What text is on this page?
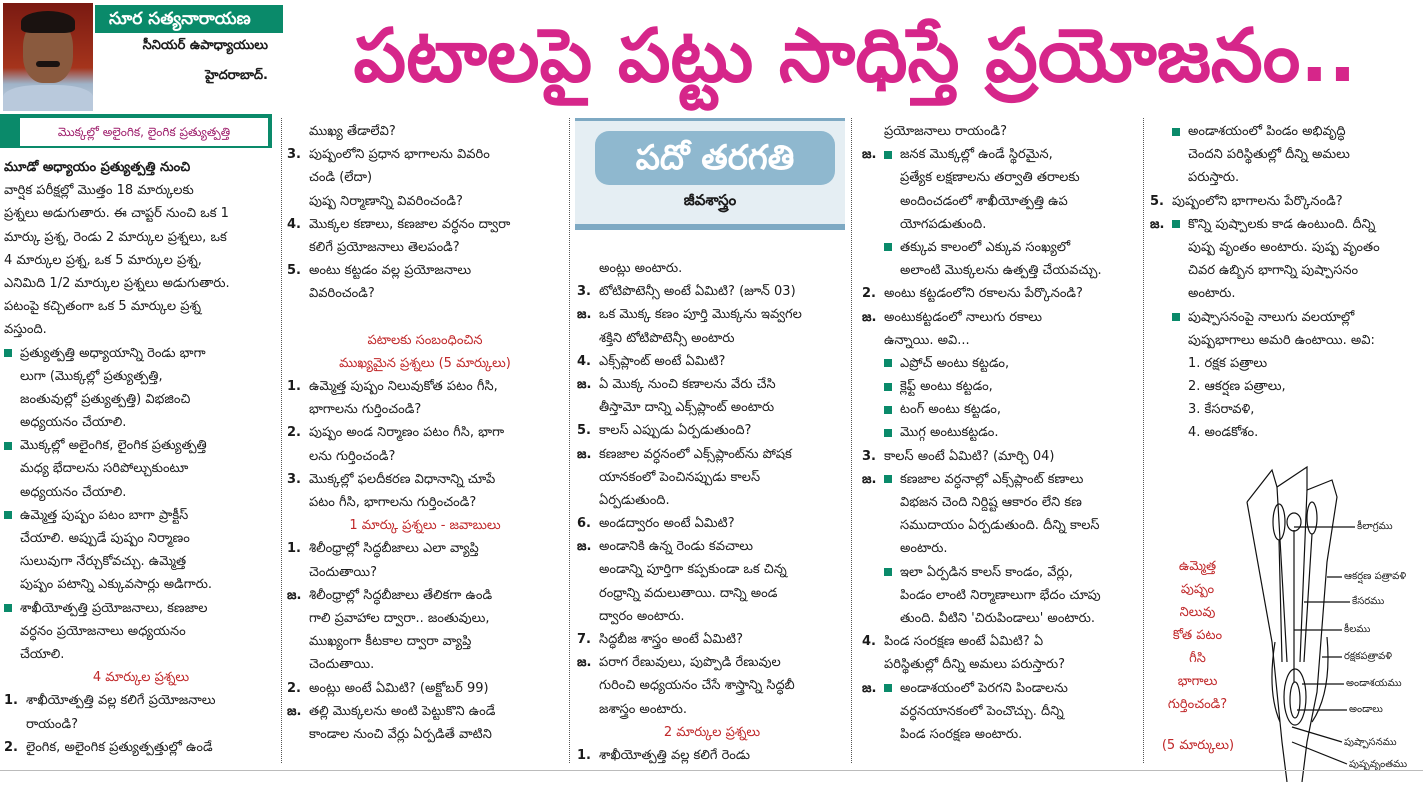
సూర సత్యనారాయణ
సీనియర్ ఉపాధ్యాయులు
హైదరాబాద్.	పటాలపై పట్టు సాధిస్తే ప్రయోజనం..
మొక్కల్లో అలైంగిక, లైంగిక ప్రత్యుత్పత్తి
పదో తరగతి
జీవశాస్త్రం
మూడో అధ్యాయం ప్రత్యుత్పత్తి నుంచి
వార్షిక పరీక్షల్లో మొత్తం 18 మార్కులకు
ప్రశ్నలు అడుగుతారు. ఈ చాప్టర్ నుంచి ఒక 1
మార్కు ప్రశ్న, రెండు 2 మార్కుల ప్రశ్నలు, ఒక
4 మార్కుల ప్రశ్న, ఒక 5 మార్కుల ప్రశ్న,
ఎనిమిది 1/2 మార్కుల ప్రశ్నలు అడుగుతారు.
పటంపై కచ్చితంగా ఒక 5 మార్కుల ప్రశ్న
వస్తుంది.
ప్రత్యుత్పత్తి అధ్యాయాన్ని రెండు భాగా
లుగా (మొక్కల్లో ప్రత్యుత్పత్తి,
జంతువుల్లో ప్రత్యుత్పత్తి) విభజించి
అధ్యయనం చేయాలి.
మొక్కల్లో అలైంగిక, లైంగిక ప్రత్యుత్పత్తి
మధ్య భేదాలను సరిపోల్చుకుంటూ
అధ్యయనం చేయాలి.
ఉమ్మెత్త పుష్పం పటం బాగా ప్రాక్టీస్
చేయాలి. అప్పుడే పుష్పం నిర్మాణం
సులువుగా నేర్చుకోవచ్చు. ఉమ్మెత్త
పుష్పం పటాన్ని ఎక్కువసార్లు అడిగారు.
శాఖీయోత్పత్తి ప్రయోజనాలు, కణజాల
వర్ధనం ప్రయోజనాలు అధ్యయనం
చేయాలి.
4 మార్కుల ప్రశ్నలు
1. శాఖీయోత్పత్తి వల్ల కలిగే ప్రయోజనాలు
రాయండి?
2. లైంగిక, అలైంగిక ప్రత్యుత్పత్తుల్లో ఉండే
ముఖ్య తేడాలేవి?
3. పుష్పంలోని ప్రధాన భాగాలను వివరిం
చండి (లేదా)
పుష్ప నిర్మాణాన్ని వివరించండి?
4. మొక్కల కణాలు, కణజాల వర్ధనం ద్వారా
కలిగే ప్రయోజనాలు తెలపండి?
5. అంటు కట్టడం వల్ల ప్రయోజనాలు
వివరించండి?
పటాలకు సంబంధించిన
ముఖ్యమైన ప్రశ్నలు (5 మార్కులు)
1. ఉమ్మెత్త పుష్పం నిలువుకోత పటం గీసి,
భాగాలను గుర్తించండి?
2. పుష్పం అండ నిర్మాణం పటం గీసి, భాగా
లను గుర్తించండి?
3. మొక్కల్లో ఫలదీకరణ విధానాన్ని చూపే
పటం గీసి, భాగాలను గుర్తించండి?
1 మార్కు ప్రశ్నలు - జవాబులు
1. శిలీంధ్రాల్లో సిద్ధబీజాలు ఎలా వ్యాప్తి
చెందుతాయి?
జ. శిలీంధ్రాల్లో సిద్ధబీజాలు తేలికగా ఉండి
గాలి ప్రవాహాల ద్వారా.. జంతువులు,
ముఖ్యంగా కీటకాల ద్వారా వ్యాప్తి
చెందుతాయి.
2. అంట్లు అంటే ఏమిటి? (అక్టోబర్ 99)
జ. తల్లి మొక్కలను అంటి పెట్టుకొని ఉండే
కాండాల నుంచి వేర్లు ఏర్పడితే వాటిని
అంట్లు అంటారు.
3. టోటిపొటెన్సీ అంటే ఏమిటి? (జూన్ 03)
జ. ఒక మొక్క కణం పూర్తి మొక్కను ఇవ్వగల
శక్తిని టోటిపొటెన్సీ అంటారు
4. ఎక్స్‌ప్లాంట్ అంటే ఏమిటి?
జ. ఏ మొక్క నుంచి కణాలను వేరు చేసి
తీస్తామో దాన్ని ఎక్స్‌ప్లాంట్ అంటారు
5. కాలస్ ఎప్పుడు ఏర్పడుతుంది?
జ. కణజాల వర్ధనంలో ఎక్స్‌ప్లాంట్‌ను పోషక
యానకంలో పెంచినప్పుడు కాలస్
ఏర్పడుతుంది.
6. అండద్వారం అంటే ఏమిటి?
జ. అండానికి ఉన్న రెండు కవచాలు
అండాన్ని పూర్తిగా కప్పకుండా ఒక చిన్న
రంధ్రాన్ని వదులుతాయి. దాన్ని అండ
ద్వారం అంటారు.
7. సిద్ధబీజ శాస్త్రం అంటే ఏమిటి?
జ. పరాగ రేణువులు, పుప్పొడి రేణువుల
గురించి అధ్యయనం చేసే శాస్త్రాన్ని సిద్ధబీ
జశాస్త్రం అంటారు.
2 మార్కుల ప్రశ్నలు
1. శాఖీయోత్పత్తి వల్ల కలిగే రెండు
ప్రయోజనాలు రాయండి?
జ. జనక మొక్కల్లో ఉండే స్థిరమైన,
ప్రత్యేక లక్షణాలను తర్వాతి తరాలకు
అందించడంలో శాఖీయోత్పత్తి ఉప
యోగపడుతుంది.
తక్కువ కాలంలో ఎక్కువ సంఖ్యలో
అలాంటి మొక్కలను ఉత్పత్తి చేయవచ్చు.
2. అంటు కట్టడంలోని రకాలను పేర్కొనండి?
జ. అంటుకట్టడంలో నాలుగు రకాలు
ఉన్నాయి. అవి...
ఎప్రోచ్ అంటు కట్టడం,
క్లెఫ్ట్ అంటు కట్టడం,
టంగ్ అంటు కట్టడం,
మొగ్గ అంటుకట్టడం.
3. కాలస్ అంటే ఏమిటి? (మార్చి 04)
జ. కణజాల వర్ధనాల్లో ఎక్స్‌ప్లాంట్ కణాలు
విభజన చెంది నిర్దిష్ట ఆకారం లేని కణ
సముదాయం ఏర్పడుతుంది. దీన్ని కాలస్
అంటారు.
ఇలా ఏర్పడిన కాలస్ కాండం, వేర్లు,
పిండం లాంటి నిర్మాణాలుగా భేదం చూపు
తుంది. వీటిని 'చిరుపిండాలు' అంటారు.
4. పిండ సంరక్షణ అంటే ఏమిటి? ఏ
పరిస్థితుల్లో దీన్ని అమలు పరుస్తారు?
జ. అండాశయంలో పెరగని పిండాలను
వర్ధనయానకంలో పెంచొచ్చు. దీన్ని
పిండ సంరక్షణ అంటారు.
అండాశయంలో పిండం అభివృద్ధి
చెందని పరిస్థితుల్లో దీన్ని అమలు
పరుస్తారు.
5. పుష్పంలోని భాగాలను పేర్కొనండి?
జ. కొన్ని పుష్పాలకు కాడ ఉంటుంది. దీన్ని
పుష్ప వృంతం అంటారు. పుష్ప వృంతం
చివర ఉబ్బిన భాగాన్ని పుష్పాసనం
అంటారు.
పుష్పాసనంపై నాలుగు వలయాల్లో
పుష్పభాగాలు అమరి ఉంటాయి. అవి:
1. రక్షక పత్రాలు
2. ఆకర్షణ పత్రాలు,
3. కేసరావళి,
4. అండకోశం.
ఉమ్మెత్త
పుష్పం
నిలువు
కోత పటం
గీసి
భాగాలు
గుర్తించండి?
(5 మార్కులు)
కీలాగ్రము
ఆకర్షణ పత్రావళి
కేసరము
కీలము
రక్షకపత్రావళి
అండాశయము
అండాలు
పుష్పాసనము
పుష్పవృంతము
